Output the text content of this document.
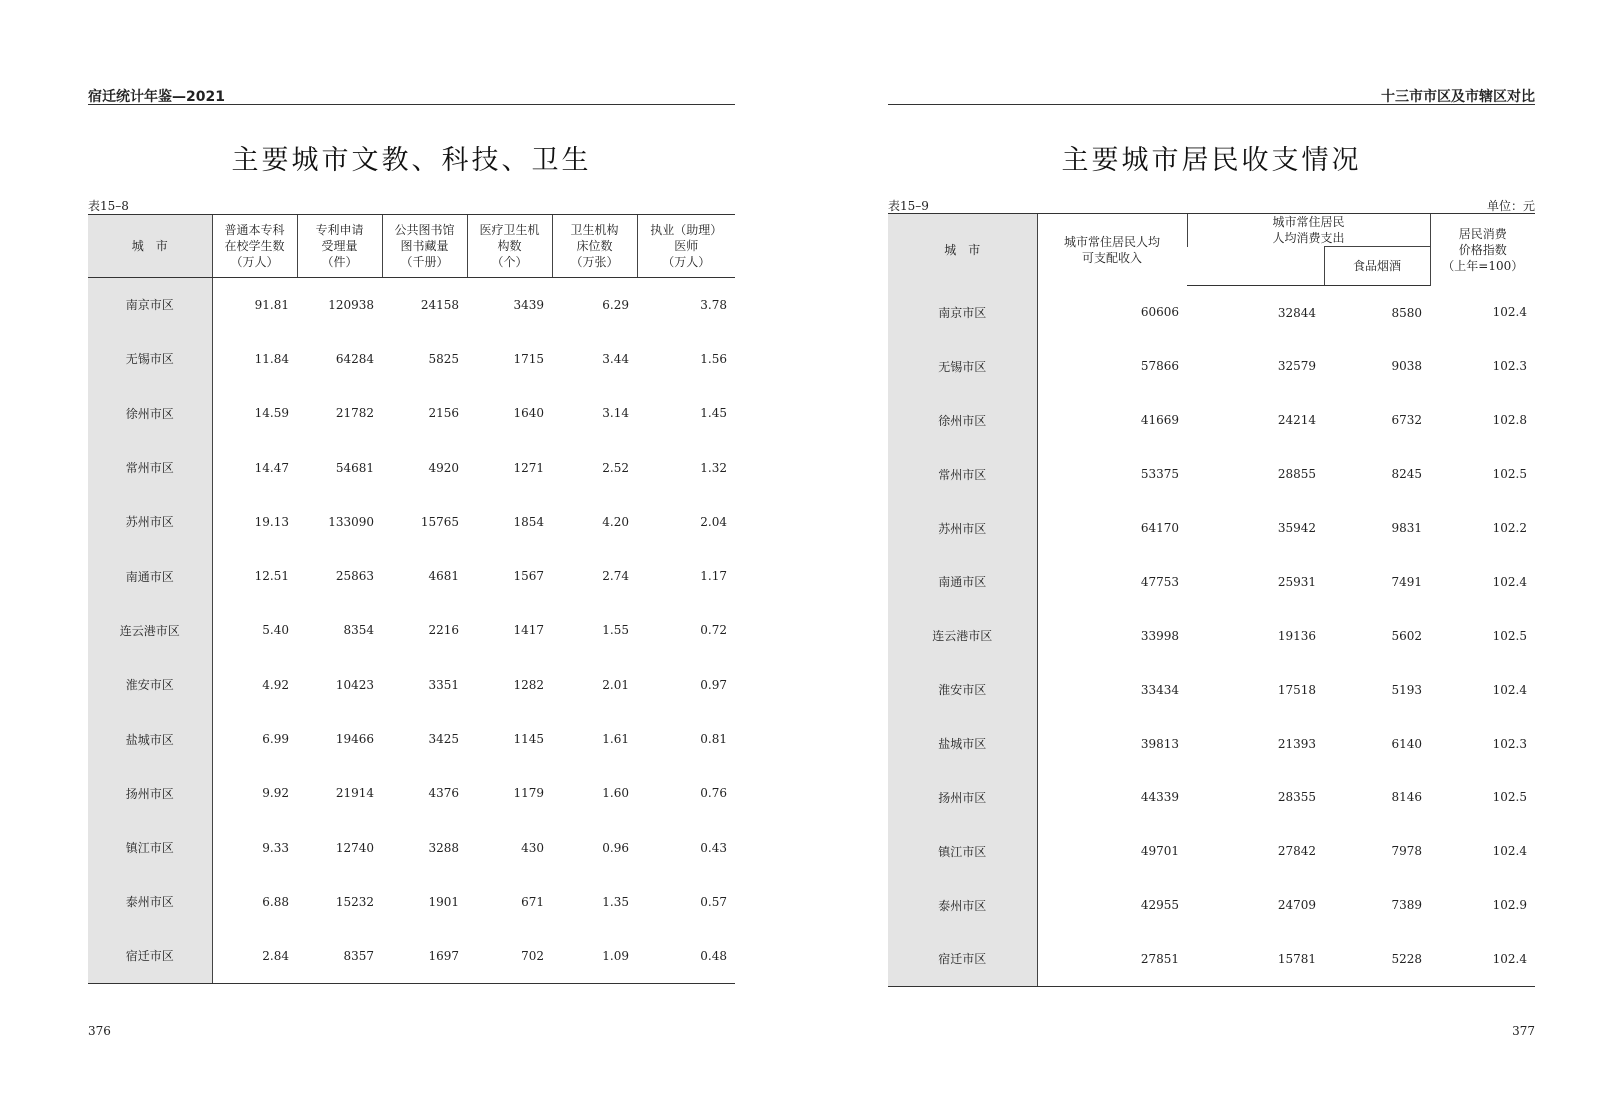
宿迁统计年鉴—2021
主要城市文教、科技、卫生
表15–8
城　市	普通本专科
在校学生数
（万人）	专利申请
受理量
（件）	公共图书馆
图书藏量
（千册）	医疗卫生机
构数
（个）	卫生机构
床位数
（万张）	执业（助理）
医师
（万人）
南京市区	91.81	120938	24158	3439	6.29	3.78
无锡市区	11.84	64284	5825	1715	3.44	1.56
徐州市区	14.59	21782	2156	1640	3.14	1.45
常州市区	14.47	54681	4920	1271	2.52	1.32
苏州市区	19.13	133090	15765	1854	4.20	2.04
南通市区	12.51	25863	4681	1567	2.74	1.17
连云港市区	5.40	8354	2216	1417	1.55	0.72
淮安市区	4.92	10423	3351	1282	2.01	0.97
盐城市区	6.99	19466	3425	1145	1.61	0.81
扬州市区	9.92	21914	4376	1179	1.60	0.76
镇江市区	9.33	12740	3288	430	0.96	0.43
泰州市区	6.88	15232	1901	671	1.35	0.57
宿迁市区	2.84	8357	1697	702	1.09	0.48
376
十三市市区及市辖区对比
主要城市居民收支情况
表15–9	单位：元
城　市	城市常住居民人均
可支配收入	城市常住居民
人均消费支出		居民消费
价格指数
（上年=100）
			食品烟酒	
南京市区	60606	32844	8580	102.4
无锡市区	57866	32579	9038	102.3
徐州市区	41669	24214	6732	102.8
常州市区	53375	28855	8245	102.5
苏州市区	64170	35942	9831	102.2
南通市区	47753	25931	7491	102.4
连云港市区	33998	19136	5602	102.5
淮安市区	33434	17518	5193	102.4
盐城市区	39813	21393	6140	102.3
扬州市区	44339	28355	8146	102.5
镇江市区	49701	27842	7978	102.4
泰州市区	42955	24709	7389	102.9
宿迁市区	27851	15781	5228	102.4
377
